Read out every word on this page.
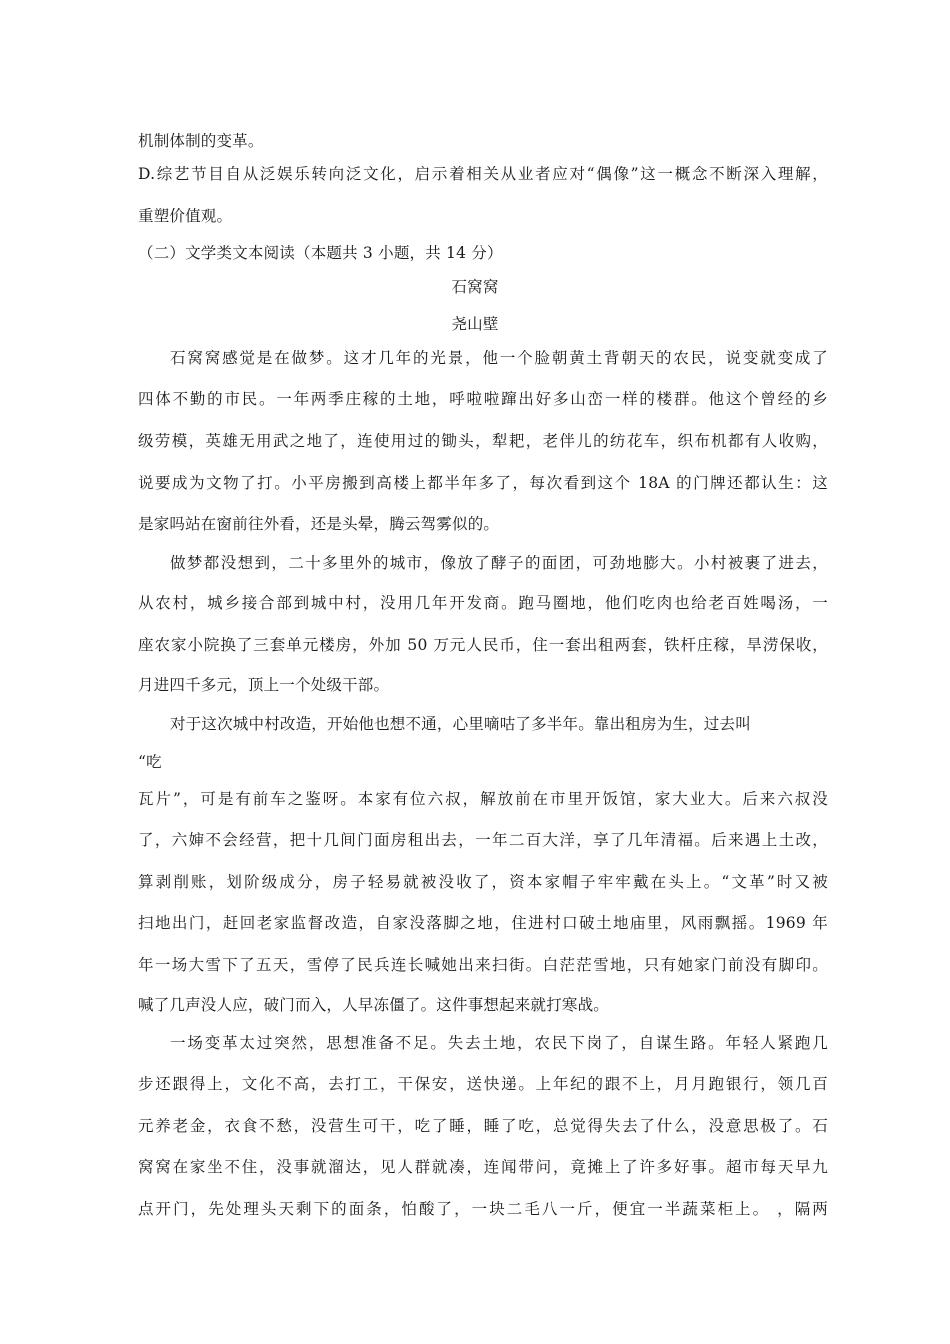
机制体制的变革。
D.综艺节目自从泛娱乐转向泛文化，启示着相关从业者应对“偶像”这一概念不断深入理解，
重塑价值观。
（二）文学类文本阅读（本题共 3 小题，共 14 分）
石窝窝
尧山壁
石窝窝感觉是在做梦。这才几年的光景，他一个脸朝黄土背朝天的农民，说变就变成了
四体不勤的市民。一年两季庄稼的土地，呼啦啦蹿出好多山峦一样的楼群。他这个曾经的乡
级劳模，英雄无用武之地了，连使用过的锄头，犁耙，老伴儿的纺花车，织布机都有人收购，
说要成为文物了打。小平房搬到高楼上都半年多了，每次看到这个 18A 的门牌还都认生：这
是家吗站在窗前往外看，还是头晕，腾云驾雾似的。
做梦都没想到，二十多里外的城市，像放了酵子的面团，可劲地膨大。小村被裹了进去，
从农村，城乡接合部到城中村，没用几年开发商。跑马圈地，他们吃肉也给老百姓喝汤，一
座农家小院换了三套单元楼房，外加 50 万元人民币，住一套出租两套，铁杆庄稼，旱涝保收，
月进四千多元，顶上一个处级干部。
对于这次城中村改造，开始他也想不通，心里嘀咕了多半年。靠出租房为生，过去叫
“吃
瓦片”，可是有前车之鉴呀。本家有位六叔，解放前在市里开饭馆，家大业大。后来六叔没
了，六婶不会经营，把十几间门面房租出去，一年二百大洋，享了几年清福。后来遇上土改，
算剥削账，划阶级成分，房子轻易就被没收了，资本家帽子牢牢戴在头上。“文革”时又被
扫地出门，赶回老家监督改造，自家没落脚之地，住进村口破土地庙里，风雨飘摇。1969 年
年一场大雪下了五天，雪停了民兵连长喊她出来扫街。白茫茫雪地，只有她家门前没有脚印。
喊了几声没人应，破门而入，人早冻僵了。这件事想起来就打寒战。
一场变革太过突然，思想准备不足。失去土地，农民下岗了，自谋生路。年轻人紧跑几
步还跟得上，文化不高，去打工，干保安，送快递。上年纪的跟不上，月月跑银行，领几百
元养老金，衣食不愁，没营生可干，吃了睡，睡了吃，总觉得失去了什么，没意思极了。石
窝窝在家坐不住，没事就溜达，见人群就凑，连闻带问，竟摊上了许多好事。超市每天早九
点开门，先处理头天剩下的面条，怕酸了，一块二毛八一斤，便宜一半蔬菜柜上。 ，隔两
